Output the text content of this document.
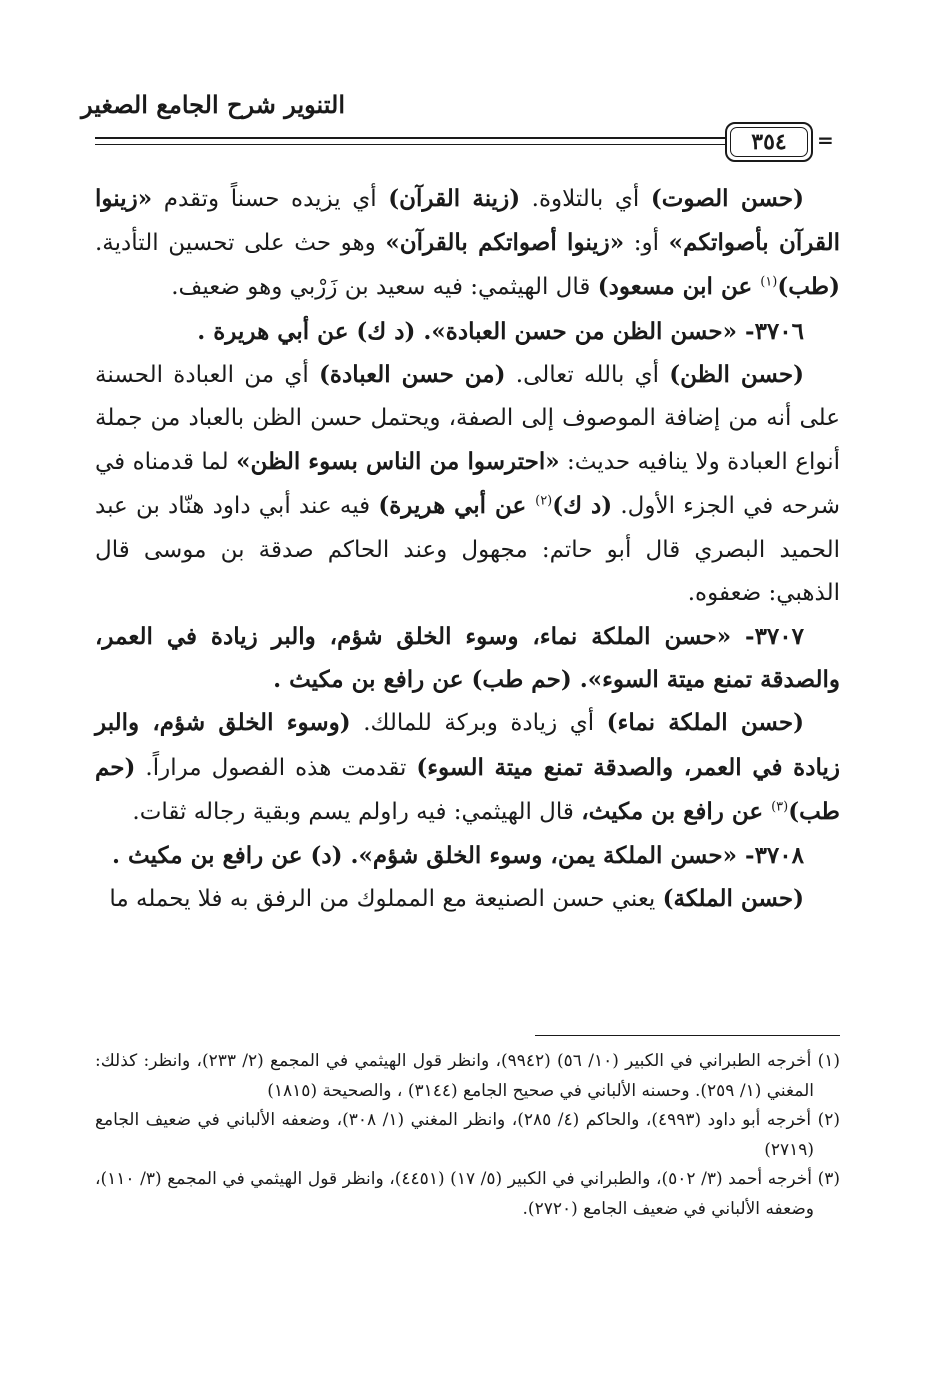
التنوير شرح الجامع الصغير
٣٥٤ =

(حسن الصوت) أي بالتلاوة. (زينة القرآن) أي يزيده حسناً وتقدم «زينوا القرآن بأصواتكم» أو: «زينوا أصواتكم بالقرآن» وهو حث على تحسين التأدية. (طب)$^{(١)}$ عن ابن مسعود) قال الهيثمي: فيه سعيد بن زَرْبي وهو ضعيف.

٣٧٠٦- «حسن الظن من حسن العبادة». (د ك) عن أبي هريرة .

(حسن الظن) أي بالله تعالى. (من حسن العبادة) أي من العبادة الحسنة على أنه من إضافة الموصوف إلى الصفة، ويحتمل حسن الظن بالعباد من جملة أنواع العبادة ولا ينافيه حديث: «احترسوا من الناس بسوء الظن» لما قدمناه في شرحه في الجزء الأول. (د ك)$^{(٢)}$ عن أبي هريرة) فيه عند أبي داود هنّاد بن عبد الحميد البصري قال أبو حاتم: مجهول وعند الحاكم صدقة بن موسى قال الذهبي: ضعفوه.

٣٧٠٧- «حسن الملكة نماء، وسوء الخلق شؤم، والبر زيادة في العمر، والصدقة تمنع ميتة السوء». (حم طب) عن رافع بن مكيث .

(حسن الملكة نماء) أي زيادة وبركة للمالك. (وسوء الخلق شؤم، والبر زيادة في العمر، والصدقة تمنع ميتة السوء) تقدمت هذه الفصول مراراً. (حم طب)$^{(٣)}$ عن رافع بن مكيث، قال الهيثمي: فيه راولم يسم وبقية رجاله ثقات.

٣٧٠٨- «حسن الملكة يمن، وسوء الخلق شؤم». (د) عن رافع بن مكيث .

(حسن الملكة) يعني حسن الصنيعة مع المملوك من الرفق به فلا يحمله ما

(١) أخرجه الطبراني في الكبير (١٠/ ٥٦) (٩٩٤٢)، وانظر قول الهيثمي في المجمع (٢/ ٢٣٣)، وانظر: كذلك: المغني (١/ ٢٥٩). وحسنه الألباني في صحيح الجامع (٣١٤٤) ، والصحيحة (١٨١٥)

(٢) أخرجه أبو داود (٤٩٩٣)، والحاكم (٤/ ٢٨٥)، وانظر المغني (١/ ٣٠٨)، وضعفه الألباني في ضعيف الجامع (٢٧١٩)

(٣) أخرجه أحمد (٣/ ٥٠٢)، والطبراني في الكبير (٥/ ١٧) (٤٤٥١)، وانظر قول الهيثمي في المجمع (٣/ ١١٠)، وضعفه الألباني في ضعيف الجامع (٢٧٢٠).
